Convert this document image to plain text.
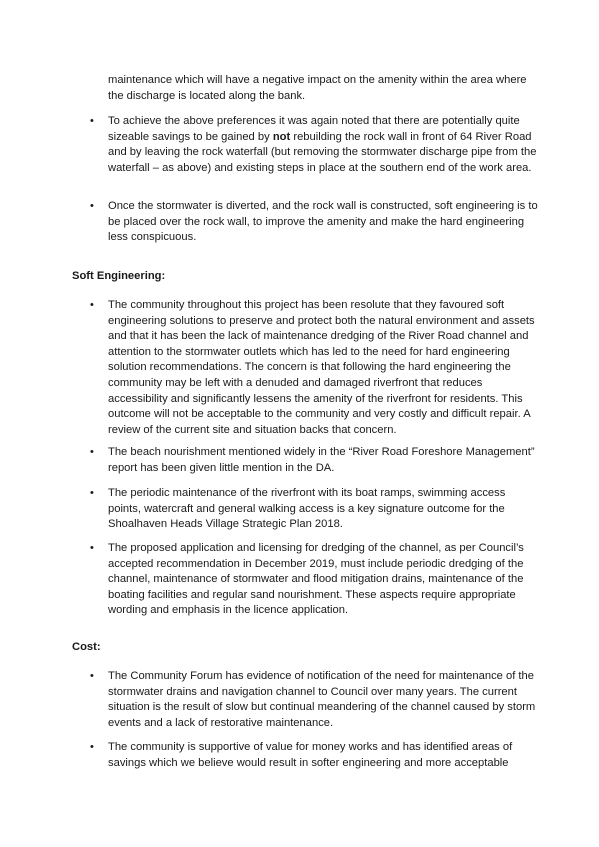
maintenance which will have a negative impact on the amenity within the area where the discharge is located along the bank.

• To achieve the above preferences it was again noted that there are potentially quite sizeable savings to be gained by not rebuilding the rock wall in front of 64 River Road and by leaving the rock waterfall (but removing the stormwater discharge pipe from the waterfall – as above) and existing steps in place at the southern end of the work area.

• Once the stormwater is diverted, and the rock wall is constructed, soft engineering is to be placed over the rock wall, to improve the amenity and make the hard engineering less conspicuous.

Soft Engineering:

• The community throughout this project has been resolute that they favoured soft engineering solutions to preserve and protect both the natural environment and assets and that it has been the lack of maintenance dredging of the River Road channel and attention to the stormwater outlets which has led to the need for hard engineering solution recommendations. The concern is that following the hard engineering the community may be left with a denuded and damaged riverfront that reduces accessibility and significantly lessens the amenity of the riverfront for residents. This outcome will not be acceptable to the community and very costly and difficult repair. A review of the current site and situation backs that concern.

• The beach nourishment mentioned widely in the “River Road Foreshore Management” report has been given little mention in the DA.

• The periodic maintenance of the riverfront with its boat ramps, swimming access points, watercraft and general walking access is a key signature outcome for the Shoalhaven Heads Village Strategic Plan 2018.

• The proposed application and licensing for dredging of the channel, as per Council’s accepted recommendation in December 2019, must include periodic dredging of the channel, maintenance of stormwater and flood mitigation drains, maintenance of the boating facilities and regular sand nourishment. These aspects require appropriate wording and emphasis in the licence application.

Cost:

• The Community Forum has evidence of notification of the need for maintenance of the stormwater drains and navigation channel to Council over many years. The current situation is the result of slow but continual meandering of the channel caused by storm events and a lack of restorative maintenance.

• The community is supportive of value for money works and has identified areas of savings which we believe would result in softer engineering and more acceptable
